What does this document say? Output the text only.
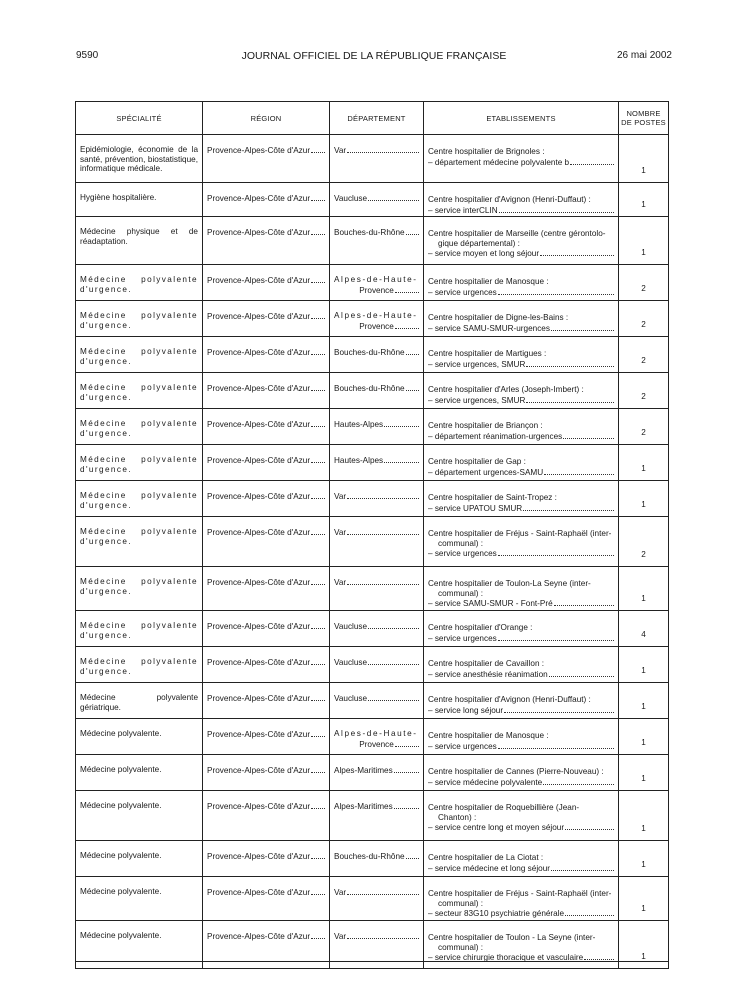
9590	JOURNAL OFFICIEL DE LA RÉPUBLIQUE FRANÇAISE	26 mai 2002
SPÉCIALITÉ	RÉGION	DÉPARTEMENT	ETABLISSEMENTS	NOMBRE DE POSTES
Epidémiologie, économie de la santé, prévention, biostatistique, informatique médicale.	Provence-Alpes-Côte d'Azur	Var	Centre hospitalier de Brignoles :
– département médecine polyvalente b	1

Hygiène hospitalière.	Provence-Alpes-Côte d'Azur	Vaucluse	Centre hospitalier d'Avignon (Henri-Duffaut) :
– service interCLIN	1

Médecine physique et de réadaptation.	Provence-Alpes-Côte d'Azur	Bouches-du-Rhône	Centre hospitalier de Marseille (centre gérontolo-
gique départemental) :
– service moyen et long séjour	1

Médecine polyvalente d'urgence.	Provence-Alpes-Côte d'Azur	Alpes-de-Haute-
Provence	Centre hospitalier de Manosque :
– service urgences	2

Médecine polyvalente d'urgence.	Provence-Alpes-Côte d'Azur	Alpes-de-Haute-
Provence	Centre hospitalier de Digne-les-Bains :
– service SAMU-SMUR-urgences	2

Médecine polyvalente d'urgence.	Provence-Alpes-Côte d'Azur	Bouches-du-Rhône	Centre hospitalier de Martigues :
– service urgences, SMUR	2

Médecine polyvalente d'urgence.	Provence-Alpes-Côte d'Azur	Bouches-du-Rhône	Centre hospitalier d'Arles (Joseph-Imbert) :
– service urgences, SMUR	2

Médecine polyvalente d'urgence.	Provence-Alpes-Côte d'Azur	Hautes-Alpes	Centre hospitalier de Briançon :
– département réanimation-urgences	2

Médecine polyvalente d'urgence.	Provence-Alpes-Côte d'Azur	Hautes-Alpes	Centre hospitalier de Gap :
– département urgences-SAMU	1

Médecine polyvalente d'urgence.	Provence-Alpes-Côte d'Azur	Var	Centre hospitalier de Saint-Tropez :
– service UPATOU SMUR	1

Médecine polyvalente d'urgence.	Provence-Alpes-Côte d'Azur	Var	Centre hospitalier de Fréjus - Saint-Raphaël (inter-
communal) :
– service urgences	2

Médecine polyvalente d'urgence.	Provence-Alpes-Côte d'Azur	Var	Centre hospitalier de Toulon-La Seyne (inter-
communal) :
– service SAMU-SMUR - Font-Pré	1

Médecine polyvalente d'urgence.	Provence-Alpes-Côte d'Azur	Vaucluse	Centre hospitalier d'Orange :
– service urgences	4

Médecine polyvalente d'urgence.	Provence-Alpes-Côte d'Azur	Vaucluse	Centre hospitalier de Cavaillon :
– service anesthésie réanimation	1

Médecine polyvalente gériatrique.	Provence-Alpes-Côte d'Azur	Vaucluse	Centre hospitalier d'Avignon (Henri-Duffaut) :
– service long séjour	1

Médecine polyvalente.	Provence-Alpes-Côte d'Azur	Alpes-de-Haute-
Provence	Centre hospitalier de Manosque :
– service urgences	1

Médecine polyvalente.	Provence-Alpes-Côte d'Azur	Alpes-Maritimes	Centre hospitalier de Cannes (Pierre-Nouveau) :
– service médecine polyvalente	1

Médecine polyvalente.	Provence-Alpes-Côte d'Azur	Alpes-Maritimes	Centre hospitalier de Roquebillière (Jean-
Chanton) :
– service centre long et moyen séjour	1

Médecine polyvalente.	Provence-Alpes-Côte d'Azur	Bouches-du-Rhône	Centre hospitalier de La Ciotat :
– service médecine et long séjour	1

Médecine polyvalente.	Provence-Alpes-Côte d'Azur	Var	Centre hospitalier de Fréjus - Saint-Raphaël (inter-
communal) :
– secteur 83G10 psychiatrie générale	1

Médecine polyvalente.	Provence-Alpes-Côte d'Azur	Var	Centre hospitalier de Toulon - La Seyne (inter-
communal) :
– service chirurgie thoracique et vasculaire	1
